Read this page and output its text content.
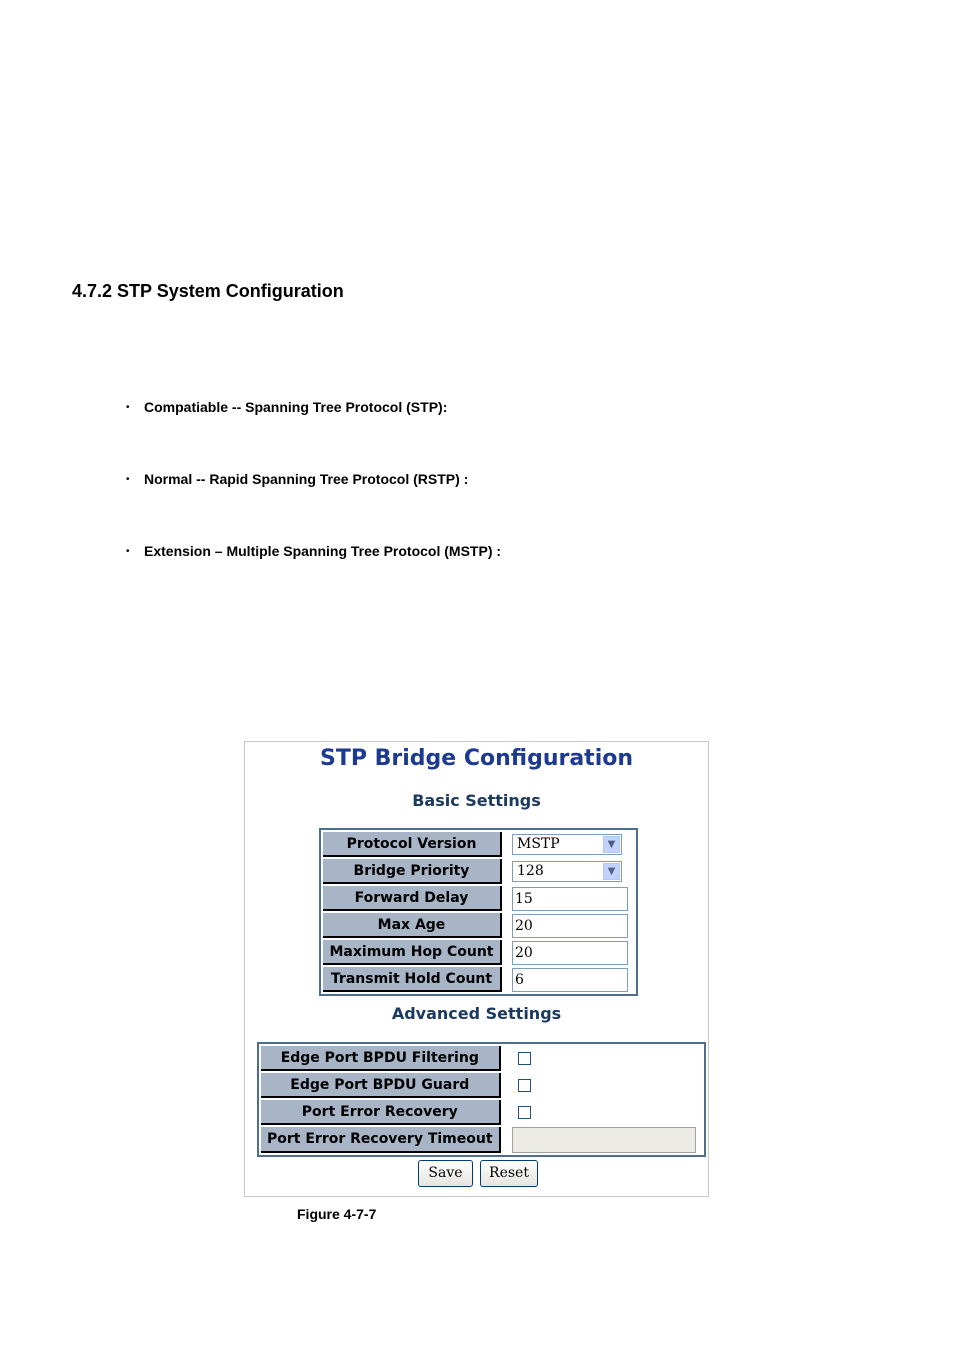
4.7.2 STP System Configuration
•	Compatiable -- Spanning Tree Protocol (STP):
•	Normal -- Rapid Spanning Tree Protocol (RSTP) :
•	Extension – Multiple Spanning Tree Protocol (MSTP) :
STP Bridge Configuration
Basic Settings
Protocol Version	MSTP ▼

Bridge Priority	128 ▼

Forward Delay	15

Max Age	20

Maximum Hop Count	20

Transmit Hold Count	6
Advanced Settings
Edge Port BPDU Filtering	

Edge Port BPDU Guard	

Port Error Recovery	

Port Error Recovery Timeout	
Save	Reset
Figure 4-7-7
